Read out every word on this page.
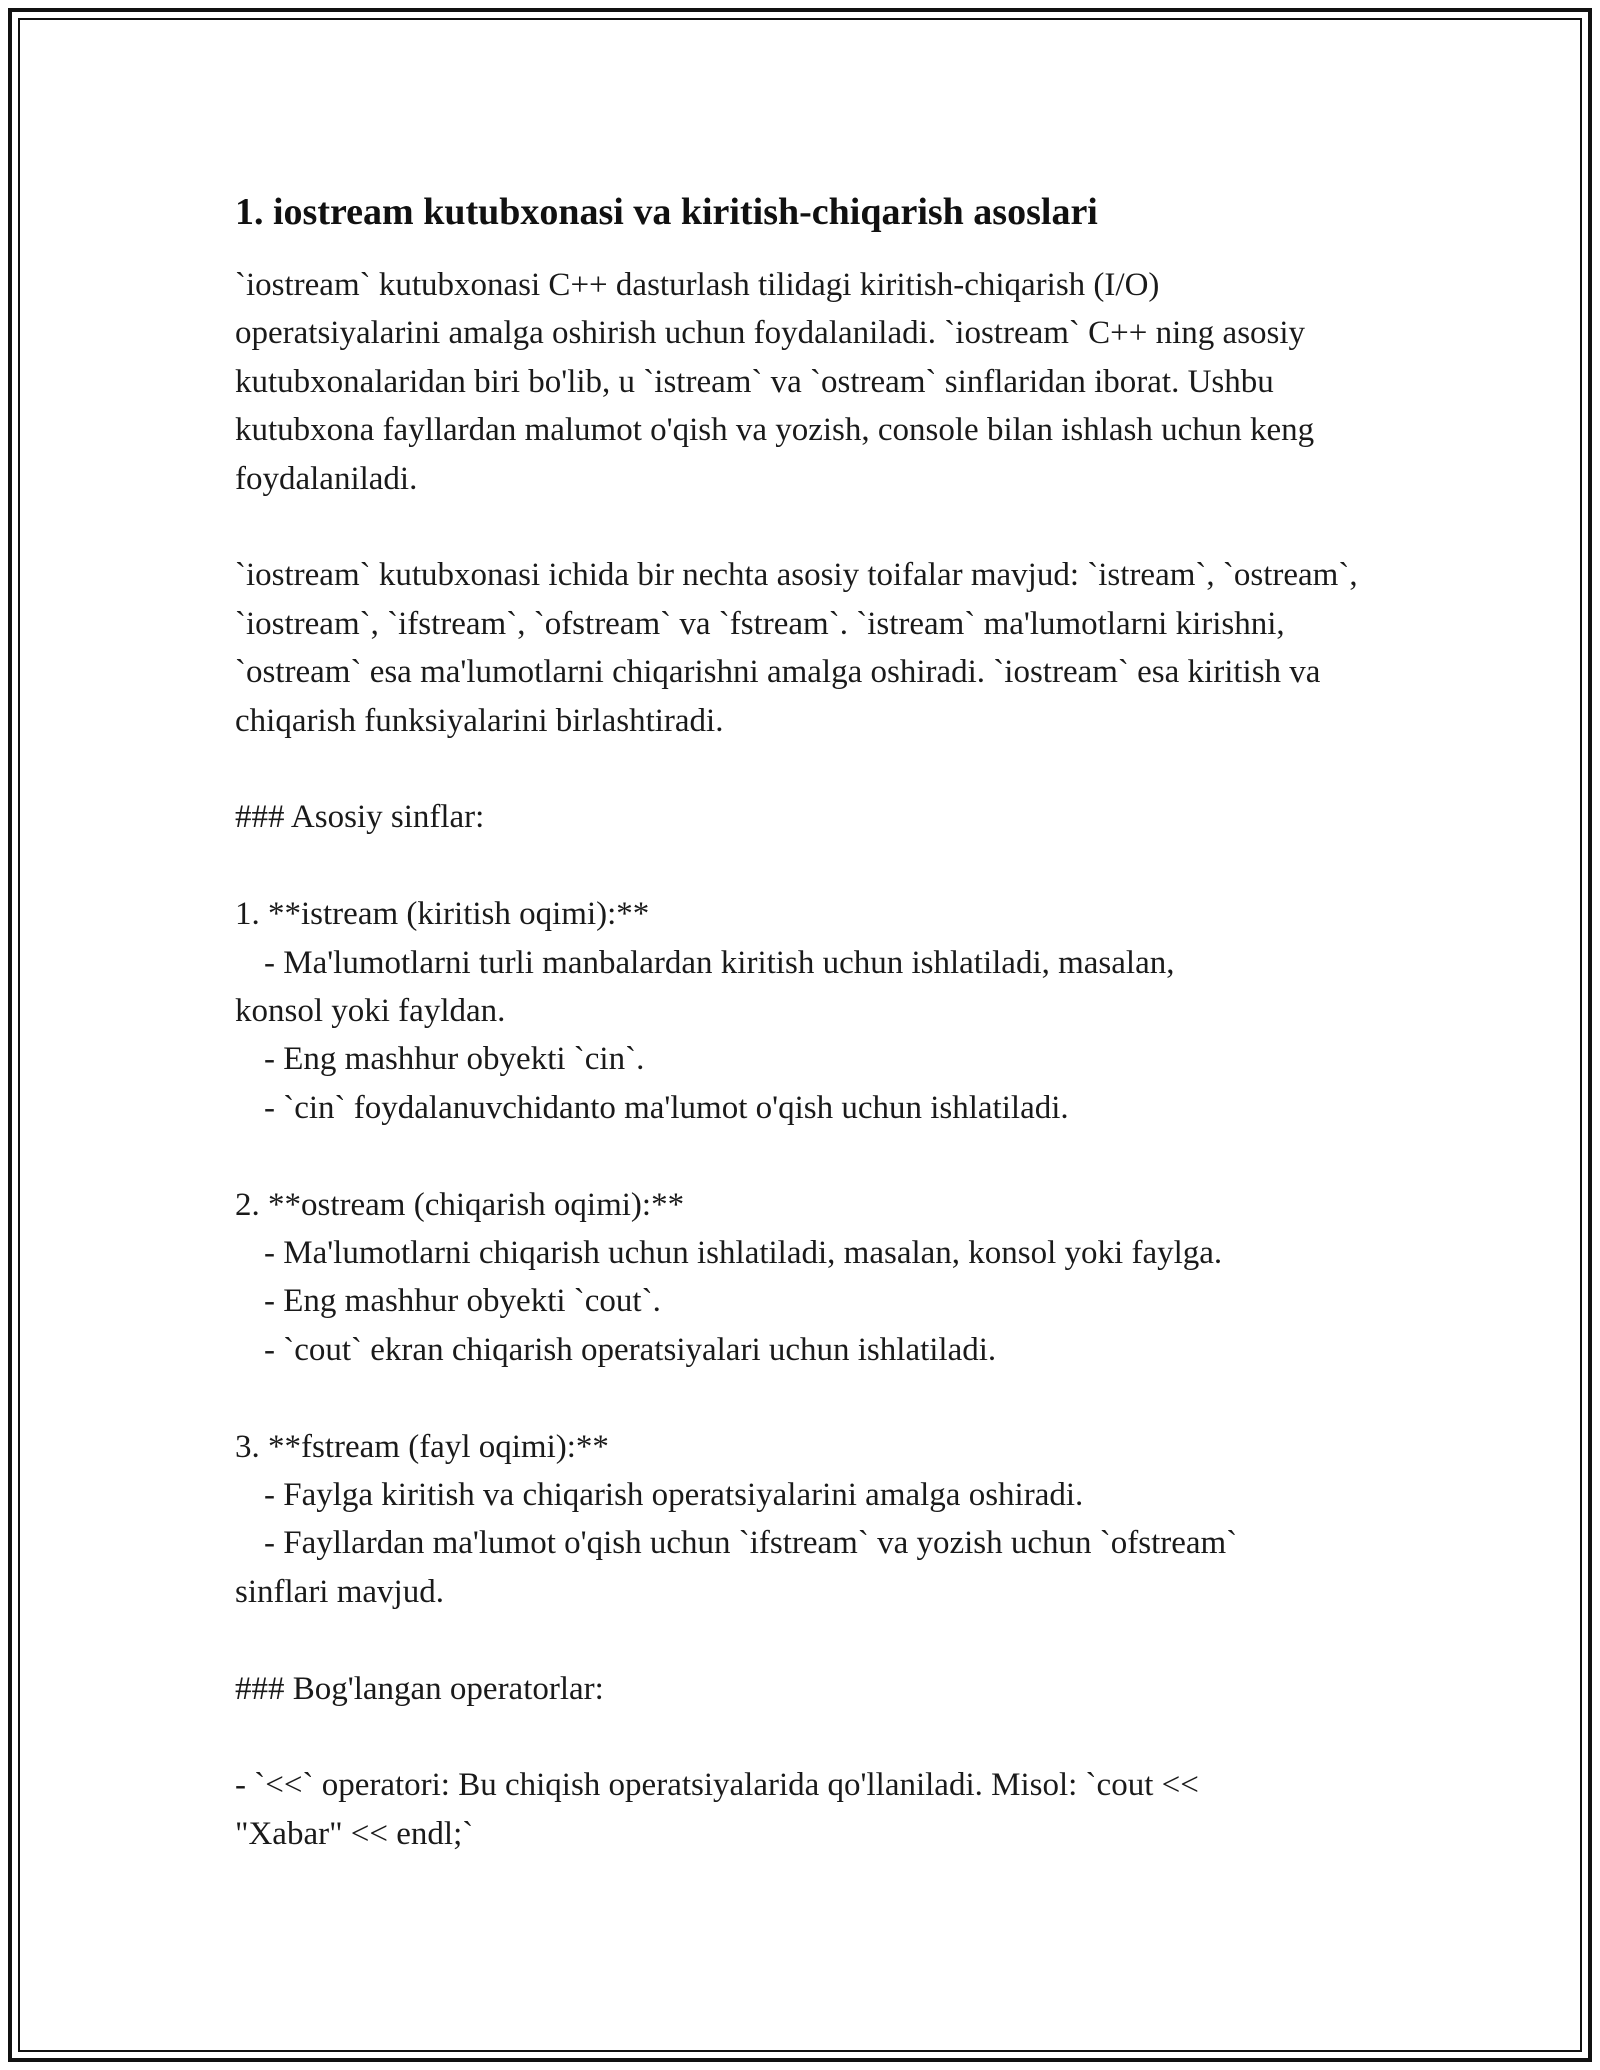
1. iostream kutubxonasi va kiritish-chiqarish asoslari

`iostream` kutubxonasi C++ dasturlash tilidagi kiritish-chiqarish (I/O) operatsiyalarini amalga oshirish uchun foydalaniladi. `iostream` C++ ning asosiy kutubxonalaridan biri bo'lib, u `istream` va `ostream` sinflaridan iborat. Ushbu kutubxona fayllardan malumot o'qish va yozish, console bilan ishlash uchun keng foydalaniladi.

`iostream` kutubxonasi ichida bir nechta asosiy toifalar mavjud: `istream`, `ostream`, `iostream`, `ifstream`, `ofstream` va `fstream`. `istream` ma'lumotlarni kirishni, `ostream` esa ma'lumotlarni chiqarishni amalga oshiradi. `iostream` esa kiritish va chiqarish funksiyalarini birlashtiradi.

### Asosiy sinflar:

1. **istream (kiritish oqimi):**

- Ma'lumotlarni turli manbalardan kiritish uchun ishlatiladi, masalan,

konsol yoki fayldan.

- Eng mashhur obyekti `cin`.

- `cin` foydalanuvchidanto ma'lumot o'qish uchun ishlatiladi.

2. **ostream (chiqarish oqimi):**

- Ma'lumotlarni chiqarish uchun ishlatiladi, masalan, konsol yoki faylga.

- Eng mashhur obyekti `cout`.

- `cout` ekran chiqarish operatsiyalari uchun ishlatiladi.

3. **fstream (fayl oqimi):**

- Faylga kiritish va chiqarish operatsiyalarini amalga oshiradi.

- Fayllardan ma'lumot o'qish uchun `ifstream` va yozish uchun `ofstream`

sinflari mavjud.

### Bog'langan operatorlar:

- `<<` operatori: Bu chiqish operatsiyalarida qo'llaniladi. Misol: `cout <<

"Xabar" << endl;`
